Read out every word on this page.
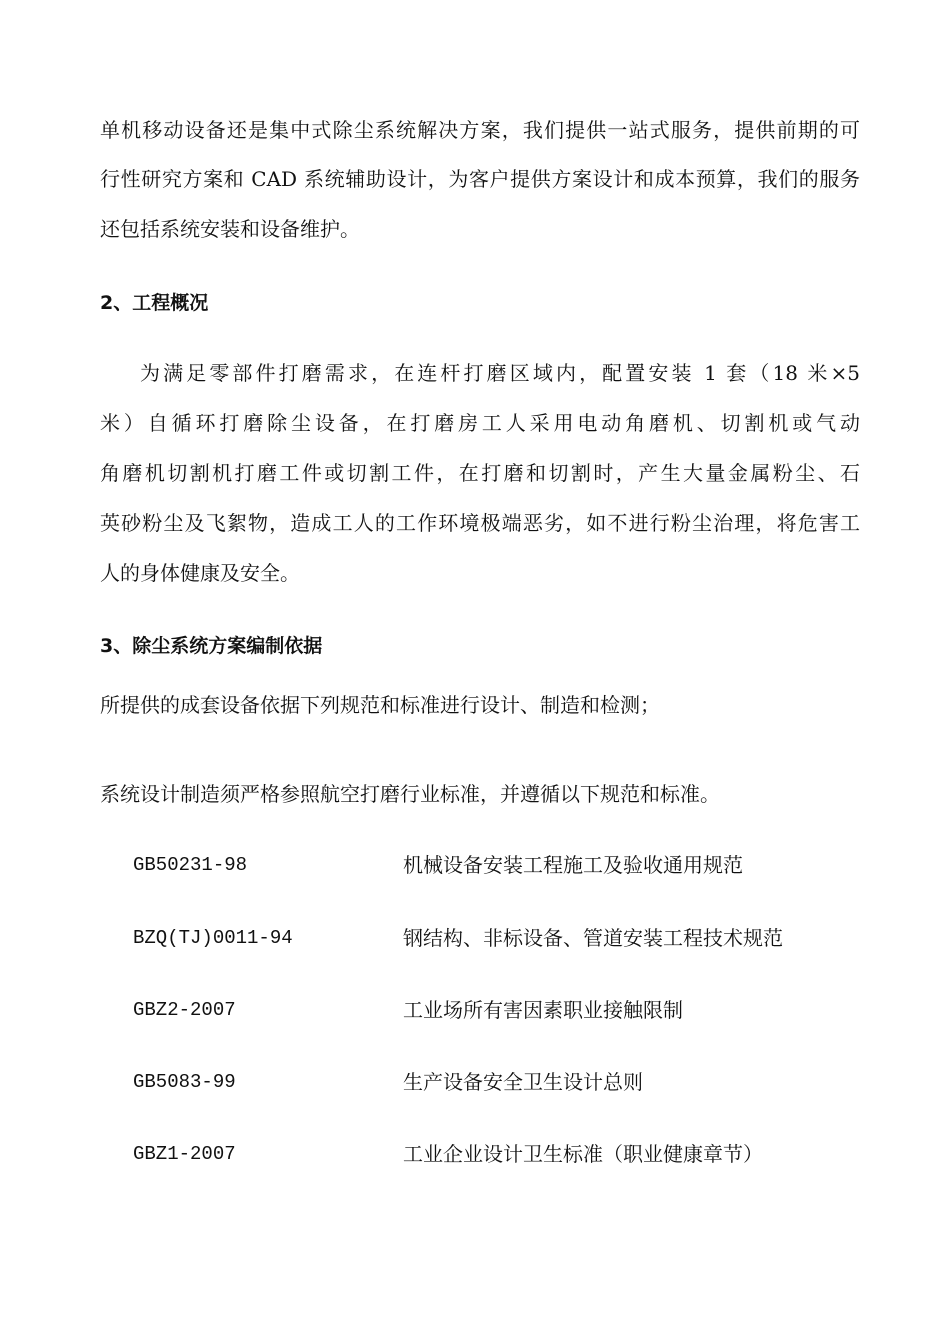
单机移动设备还是集中式除尘系统解决方案，我们提供一站式服务，提供前期的可
行性研究方案和 CAD 系统辅助设计，为客户提供方案设计和成本预算，我们的服务
还包括系统安装和设备维护。
2、工程概况
为满足零部件打磨需求，在连杆打磨区域内，配置安装 1 套（18 米×5
米）自循环打磨除尘设备，在打磨房工人采用电动角磨机、切割机或气动
角磨机切割机打磨工件或切割工件，在打磨和切割时，产生大量金属粉尘、石
英砂粉尘及飞絮物，造成工人的工作环境极端恶劣，如不进行粉尘治理，将危害工
人的身体健康及安全。
3、除尘系统方案编制依据
所提供的成套设备依据下列规范和标准进行设计、制造和检测；
系统设计制造须严格参照航空打磨行业标准，并遵循以下规范和标准。
GB50231-98	机械设备安装工程施工及验收通用规范
BZQ(TJ)0011-94	钢结构、非标设备、管道安装工程技术规范
GBZ2-2007	工业场所有害因素职业接触限制
GB5083-99	生产设备安全卫生设计总则
GBZ1-2007	工业企业设计卫生标准（职业健康章节）
